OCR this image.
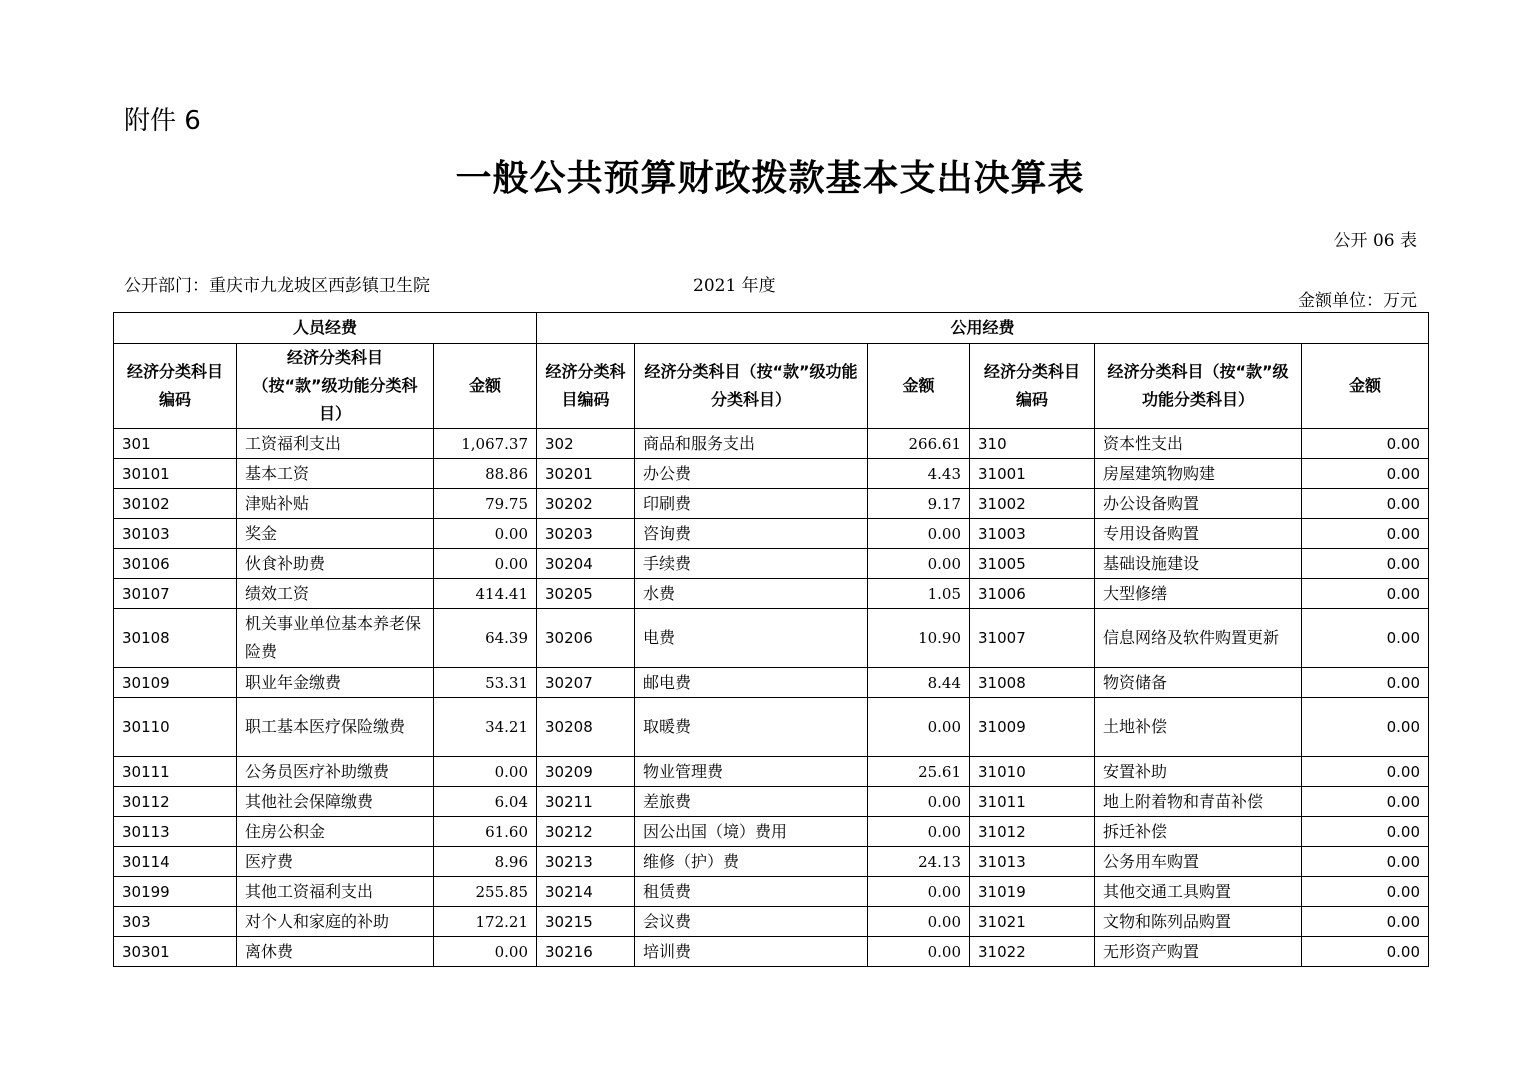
附件 6
一般公共预算财政拨款基本支出决算表
公开 06 表
公开部门：重庆市九龙坡区西彭镇卫生院	2021 年度
金额单位：万元
人员经费			公用经费					
经济分类科目编码	经济分类科目（按“款”级功能分类科目）	金额	经济分类科目编码	经济分类科目（按“款”级功能分类科目）	金额	经济分类科目编码	经济分类科目（按“款”级功能分类科目）	金额
301	工资福利支出	1,067.37	302	商品和服务支出	266.61	310	资本性支出	0.00
30101	基本工资	88.86	30201	办公费	4.43	31001	房屋建筑物购建	0.00
30102	津贴补贴	79.75	30202	印刷费	9.17	31002	办公设备购置	0.00
30103	奖金	0.00	30203	咨询费	0.00	31003	专用设备购置	0.00
30106	伙食补助费	0.00	30204	手续费	0.00	31005	基础设施建设	0.00
30107	绩效工资	414.41	30205	水费	1.05	31006	大型修缮	0.00
30108	机关事业单位基本养老保险费	64.39	30206	电费	10.90	31007	信息网络及软件购置更新	0.00
30109	职业年金缴费	53.31	30207	邮电费	8.44	31008	物资储备	0.00
30110	职工基本医疗保险缴费	34.21	30208	取暖费	0.00	31009	土地补偿	0.00
30111	公务员医疗补助缴费	0.00	30209	物业管理费	25.61	31010	安置补助	0.00
30112	其他社会保障缴费	6.04	30211	差旅费	0.00	31011	地上附着物和青苗补偿	0.00
30113	住房公积金	61.60	30212	因公出国（境）费用	0.00	31012	拆迁补偿	0.00
30114	医疗费	8.96	30213	维修（护）费	24.13	31013	公务用车购置	0.00
30199	其他工资福利支出	255.85	30214	租赁费	0.00	31019	其他交通工具购置	0.00
303	对个人和家庭的补助	172.21	30215	会议费	0.00	31021	文物和陈列品购置	0.00
30301	离休费	0.00	30216	培训费	0.00	31022	无形资产购置	0.00
